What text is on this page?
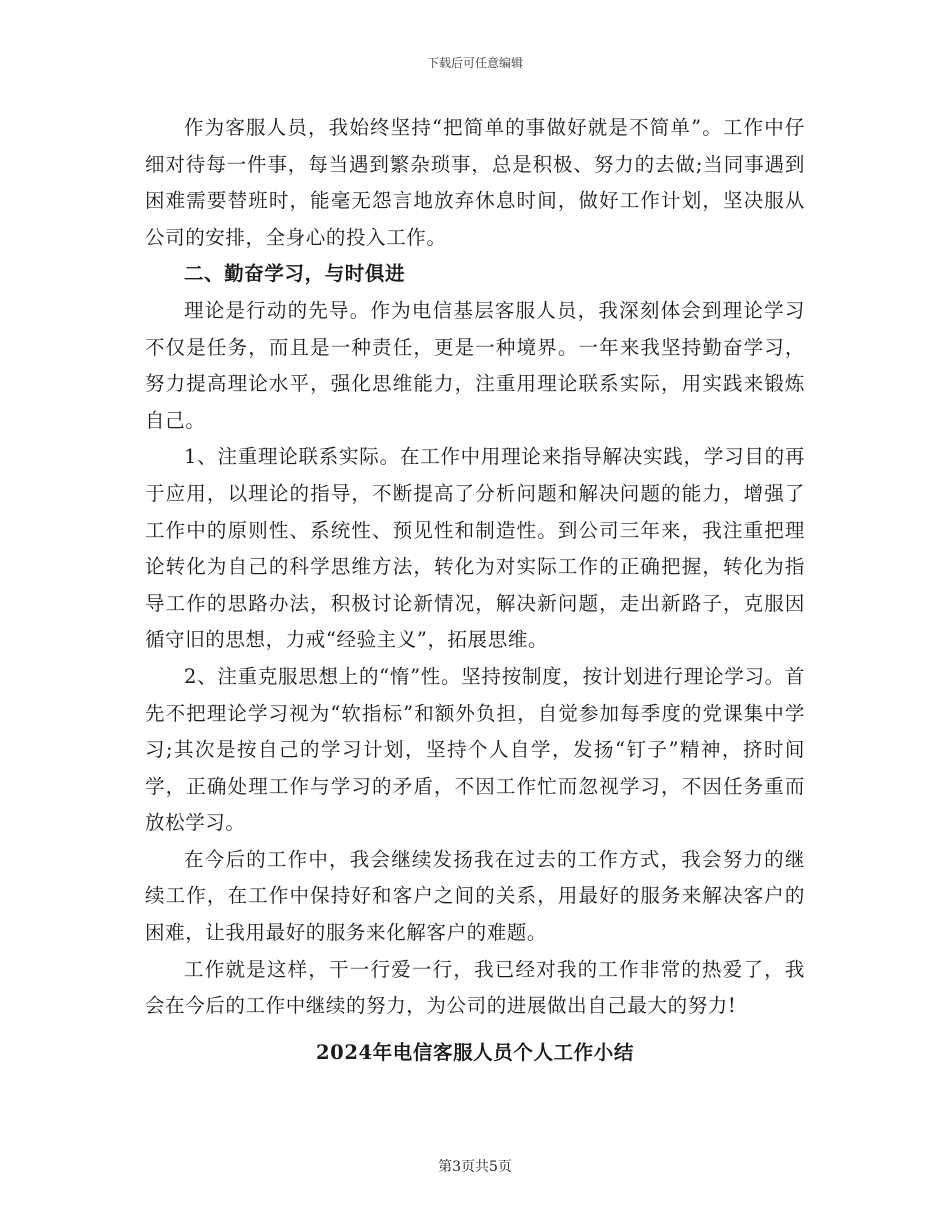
下载后可任意编辑

作为客服人员，我始终坚持“把简单的事做好就是不简单”。工作中仔细对待每一件事，每当遇到繁杂琐事，总是积极、努力的去做;当同事遇到困难需要替班时，能毫无怨言地放弃休息时间，做好工作计划，坚决服从公司的安排，全身心的投入工作。

二、勤奋学习，与时俱进

理论是行动的先导。作为电信基层客服人员，我深刻体会到理论学习不仅是任务，而且是一种责任，更是一种境界。一年来我坚持勤奋学习，努力提高理论水平，强化思维能力，注重用理论联系实际，用实践来锻炼自己。

1、注重理论联系实际。在工作中用理论来指导解决实践，学习目的再于应用，以理论的指导，不断提高了分析问题和解决问题的能力，增强了工作中的原则性、系统性、预见性和制造性。到公司三年来，我注重把理论转化为自己的科学思维方法，转化为对实际工作的正确把握，转化为指导工作的思路办法，积极讨论新情况，解决新问题，走出新路子，克服因循守旧的思想，力戒“经验主义”，拓展思维。

2、注重克服思想上的“惰”性。坚持按制度，按计划进行理论学习。首先不把理论学习视为“软指标”和额外负担，自觉参加每季度的党课集中学习;其次是按自己的学习计划，坚持个人自学，发扬“钉子”精神，挤时间学，正确处理工作与学习的矛盾，不因工作忙而忽视学习，不因任务重而放松学习。

在今后的工作中，我会继续发扬我在过去的工作方式，我会努力的继续工作，在工作中保持好和客户之间的关系，用最好的服务来解决客户的困难，让我用最好的服务来化解客户的难题。

工作就是这样，干一行爱一行，我已经对我的工作非常的热爱了，我会在今后的工作中继续的努力，为公司的进展做出自己最大的努力!

2024年电信客服人员个人工作小结
第3页共5页
